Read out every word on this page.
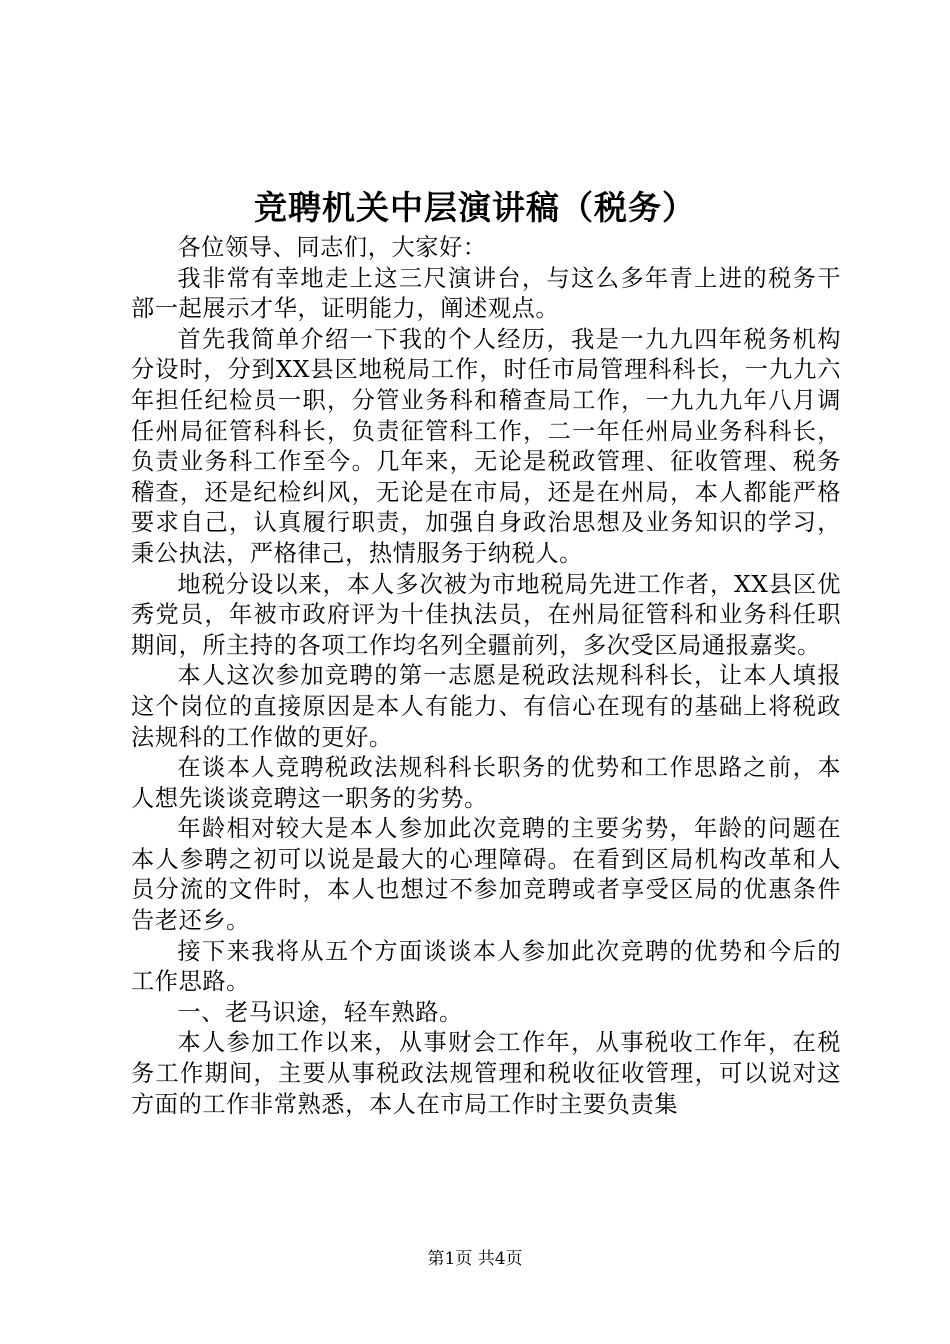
竞聘机关中层演讲稿（税务）

各位领导、同志们，大家好：

我非常有幸地走上这三尺演讲台，与这么多年青上进的税务干部一起展示才华，证明能力，阐述观点。

首先我简单介绍一下我的个人经历，我是一九九四年税务机构分设时，分到XX县区地税局工作，时任市局管理科科长，一九九六年担任纪检员一职，分管业务科和稽查局工作，一九九九年八月调任州局征管科科长，负责征管科工作，二一年任州局业务科科长，负责业务科工作至今。几年来，无论是税政管理、征收管理、税务稽查，还是纪检纠风，无论是在市局，还是在州局，本人都能严格要求自己，认真履行职责，加强自身政治思想及业务知识的学习，秉公执法，严格律己，热情服务于纳税人。

地税分设以来，本人多次被为市地税局先进工作者，XX县区优秀党员，年被市政府评为十佳执法员，在州局征管科和业务科任职期间，所主持的各项工作均名列全疆前列，多次受区局通报嘉奖。

本人这次参加竞聘的第一志愿是税政法规科科长，让本人填报这个岗位的直接原因是本人有能力、有信心在现有的基础上将税政法规科的工作做的更好。

在谈本人竞聘税政法规科科长职务的优势和工作思路之前，本人想先谈谈竞聘这一职务的劣势。

年龄相对较大是本人参加此次竞聘的主要劣势，年龄的问题在本人参聘之初可以说是最大的心理障碍。在看到区局机构改革和人员分流的文件时，本人也想过不参加竞聘或者享受区局的优惠条件告老还乡。

接下来我将从五个方面谈谈本人参加此次竞聘的优势和今后的工作思路。

一、老马识途，轻车熟路。

本人参加工作以来，从事财会工作年，从事税收工作年，在税务工作期间，主要从事税政法规管理和税收征收管理，可以说对这方面的工作非常熟悉，本人在市局工作时主要负责集

第1页 共4页
